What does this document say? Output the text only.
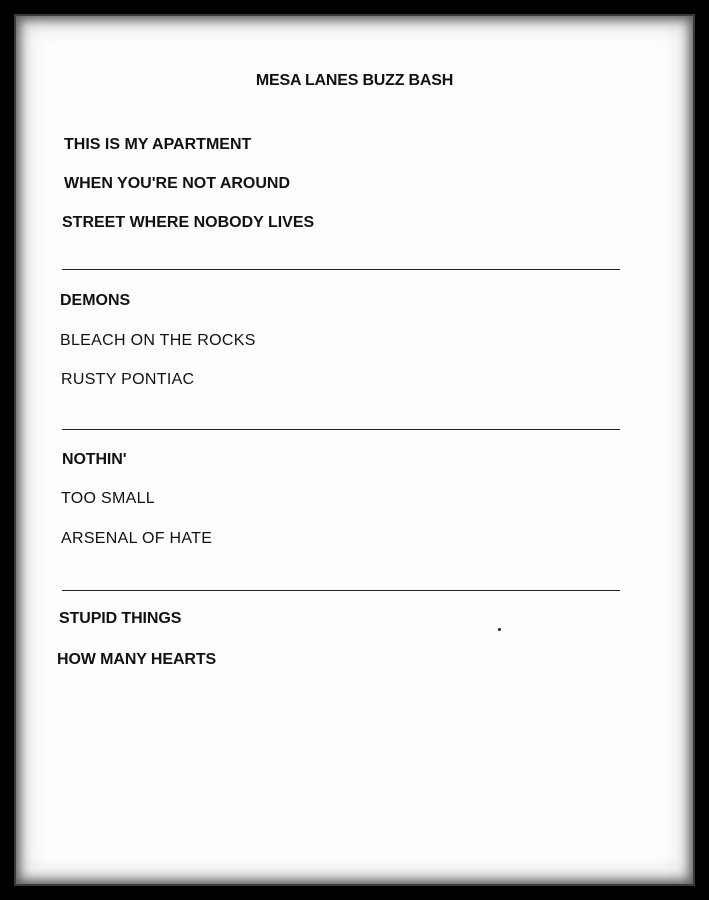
MESA LANES BUZZ BASH
THIS IS MY APARTMENT
WHEN YOU'RE NOT AROUND
STREET WHERE NOBODY LIVES
DEMONS
BLEACH ON THE ROCKS
RUSTY PONTIAC
NOTHIN'
TOO SMALL
ARSENAL OF HATE
STUPID THINGS
HOW MANY HEARTS
